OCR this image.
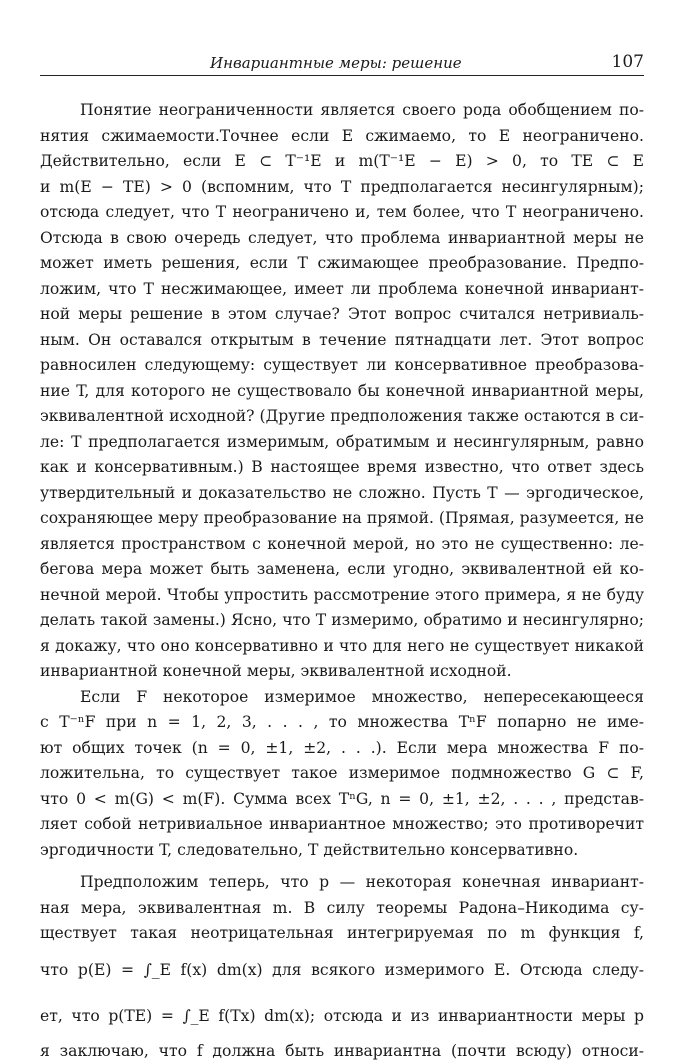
Инвариантные меры: решение	107
Понятие неограниченности является своего рода обобщением по-
нятия сжимаемости.Точнее если E сжимаемо, то E неограничено.
Действительно, если E ⊂ T⁻¹E и m(T⁻¹E − E) > 0, то TE ⊂ E
и m(E − TE) > 0 (вспомним, что T предполагается несингулярным);
отсюда следует, что T неограничено и, тем более, что T неограничено.
Отсюда в свою очередь следует, что проблема инвариантной меры не
может иметь решения, если T сжимающее преобразование. Предпо-
ложим, что T несжимающее, имеет ли проблема конечной инвариант-
ной меры решение в этом случае? Этот вопрос считался нетривиаль-
ным. Он оставался открытым в течение пятнадцати лет. Этот вопрос
равносилен следующему: существует ли консервативное преобразова-
ние T, для которого не существовало бы конечной инвариантной меры,
эквивалентной исходной? (Другие предположения также остаются в си-
ле: T предполагается измеримым, обратимым и несингулярным, равно
как и консервативным.) В настоящее время известно, что ответ здесь
утвердительный и доказательство не сложно. Пусть T — эргодическое,
сохраняющее меру преобразование на прямой. (Прямая, разумеется, не
является пространством с конечной мерой, но это не существенно: ле-
бегова мера может быть заменена, если угодно, эквивалентной ей ко-
нечной мерой. Чтобы упростить рассмотрение этого примера, я не буду
делать такой замены.) Ясно, что T измеримо, обратимо и несингулярно;
я докажу, что оно консервативно и что для него не существует никакой
инвариантной конечной меры, эквивалентной исходной.
Если F некоторое измеримое множество, непересекающееся
с T⁻ⁿF при n = 1, 2, 3, . . . , то множества TⁿF попарно не име-
ют общих точек (n = 0, ±1, ±2, . . .). Если мера множества F по-
ложительна, то существует такое измеримое подмножество G ⊂ F,
что 0 < m(G) < m(F). Сумма всех TⁿG, n = 0, ±1, ±2, . . . , представ-
ляет собой нетривиальное инвариантное множество; это противоречит
эргодичности T, следовательно, T действительно консервативно.
Предположим теперь, что p — некоторая конечная инвариант-
ная мера, эквивалентная m. В силу теоремы Радона–Никодима су-
ществует такая неотрицательная интегрируемая по m функция f,
что p(E) = ∫_E f(x) dm(x) для всякого измеримого E. Отсюда следу-
ет, что p(TE) = ∫_E f(Tx) dm(x); отсюда и из инвариантности меры p
я заключаю, что f должна быть инвариантна (почти всюду) относи-
